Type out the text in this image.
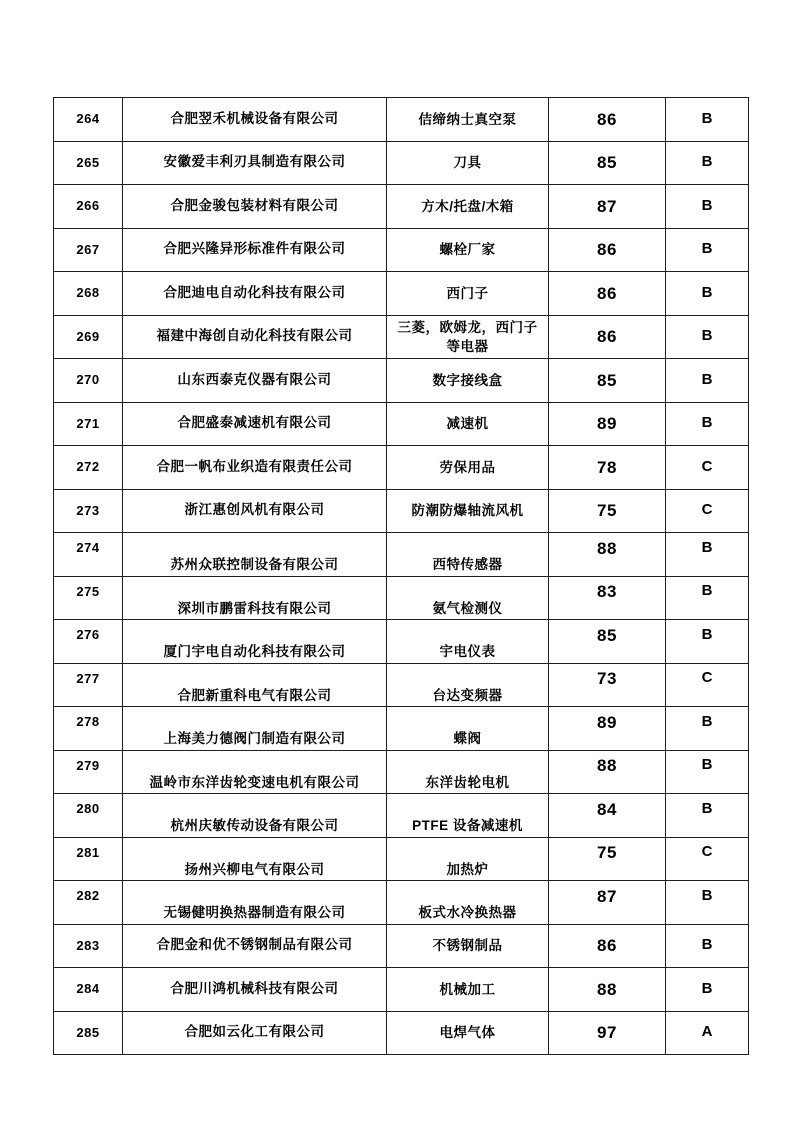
264	合肥翌禾机械设备有限公司	佶缔纳士真空泵	86	B

265	安徽爱丰利刃具制造有限公司	刀具	85	B

266	合肥金骏包装材料有限公司	方木/托盘/木箱	87	B

267	合肥兴隆异形标准件有限公司	螺栓厂家	86	B

268	合肥迪电自动化科技有限公司	西门子	86	B

269	福建中海创自动化科技有限公司	三菱，欧姆龙，西门子等电器	86	B

270	山东西泰克仪器有限公司	数字接线盒	85	B

271	合肥盛泰减速机有限公司	减速机	89	B

272	合肥一帆布业织造有限责任公司	劳保用品	78	C

273	浙江惠创风机有限公司	防潮防爆轴流风机	75	C

274	苏州众联控制设备有限公司	西特传感器	88	B

275	深圳市鹏雷科技有限公司	氨气检测仪	83	B

276	厦门宇电自动化科技有限公司	宇电仪表	85	B

277	合肥新重科电气有限公司	台达变频器	73	C

278	上海美力德阀门制造有限公司	蝶阀	89	B

279	温岭市东洋齿轮变速电机有限公司	东洋齿轮电机	88	B

280	杭州庆敏传动设备有限公司	PTFE 设备减速机	84	B

281	扬州兴柳电气有限公司	加热炉	75	C

282	无锡健明换热器制造有限公司	板式水冷换热器	87	B

283	合肥金和优不锈钢制品有限公司	不锈钢制品	86	B

284	合肥川鸿机械科技有限公司	机械加工	88	B

285	合肥如云化工有限公司	电焊气体	97	A
